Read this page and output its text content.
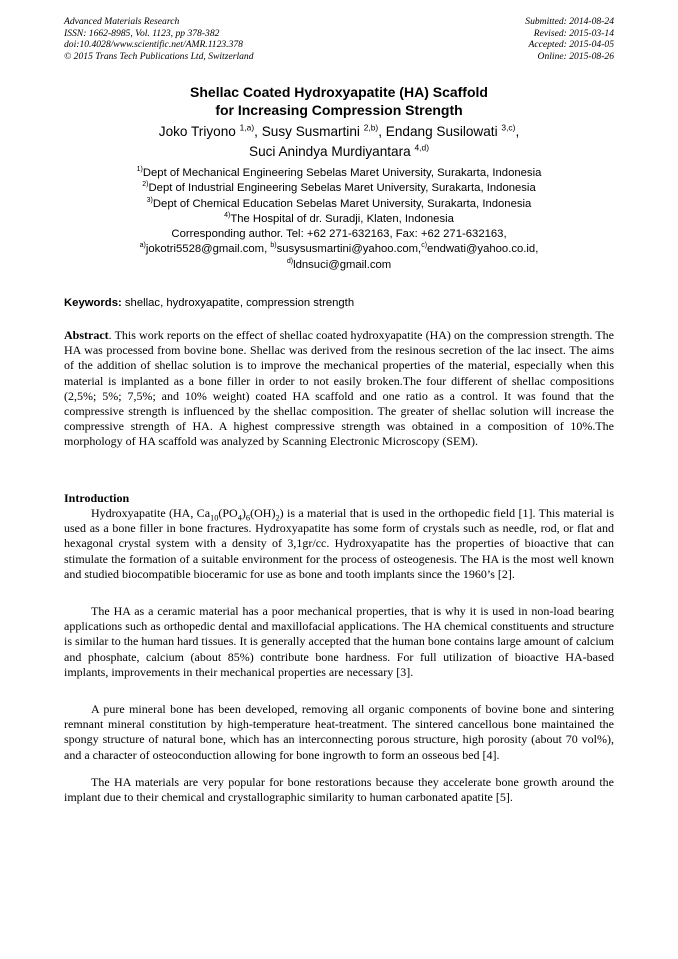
Advanced Materials Research
ISSN: 1662-8985, Vol. 1123, pp 378-382
doi:10.4028/www.scientific.net/AMR.1123.378
© 2015 Trans Tech Publications Ltd, Switzerland
Submitted: 2014-08-24
Revised: 2015-03-14
Accepted: 2015-04-05
Online: 2015-08-26
Shellac Coated Hydroxyapatite (HA) Scaffold
for Increasing Compression Strength
Joko Triyono $^{1,a)}$, Susy Susmartini $^{2,b)}$, Endang Susilowati $^{3,c)}$,
Suci Anindya Murdiyantara $^{4,d)}$
$^{1)}$Dept of Mechanical Engineering Sebelas Maret University, Surakarta, Indonesia
$^{2)}$Dept of Industrial Engineering Sebelas Maret University, Surakarta, Indonesia
$^{3)}$Dept of Chemical Education Sebelas Maret University, Surakarta, Indonesia
$^{4)}$The Hospital of dr. Suradji, Klaten, Indonesia
Corresponding author. Tel: +62 271-632163, Fax: +62 271-632163,
$^{a)}$jokotri5528@gmail.com, $^{b)}$susysusmartini@yahoo.com,$^{c)}$endwati@yahoo.co.id,
$^{d)}$ldnsuci@gmail.com
Keywords: shellac, hydroxyapatite, compression strength
Abstract. This work reports on the effect of shellac coated hydroxyapatite (HA) on the compression strength. The HA was processed from bovine bone. Shellac was derived from the resinous secretion of the lac insect. The aims of the addition of shellac solution is to improve the mechanical properties of the material, especially when this material is implanted as a bone filler in order to not easily broken.The four different of shellac compositions (2,5%; 5%; 7,5%; and 10% weight) coated HA scaffold and one ratio as a control. It was found that the compressive strength is influenced by the shellac composition. The greater of shellac solution will increase the compressive strength of HA. A highest compressive strength was obtained in a composition of 10%.The morphology of HA scaffold was analyzed by Scanning Electronic Microscopy (SEM).
Introduction
Hydroxyapatite (HA, $Ca_{10}(PO_4)_6(OH)_2$) is a material that is used in the orthopedic field [1]. This material is used as a bone filler in bone fractures. Hydroxyapatite has some form of crystals such as needle, rod, or flat and hexagonal crystal system with a density of 3,1gr/cc. Hydroxyapatite has the properties of bioactive that can stimulate the formation of a suitable environment for the process of osteogenesis. The HA is the most well known and studied biocompatible bioceramic for use as bone and tooth implants since the 1960’s [2].
The HA as a ceramic material has a poor mechanical properties, that is why it is used in non-load bearing applications such as orthopedic dental and maxillofacial applications. The HA chemical constituents and structure is similar to the human hard tissues. It is generally accepted that the human bone contains large amount of calcium and phosphate, calcium (about 85%) contribute bone hardness. For full utilization of bioactive HA-based implants, improvements in their mechanical properties are necessary [3].
A pure mineral bone has been developed, removing all organic components of bovine bone and sintering remnant mineral constitution by high-temperature heat-treatment. The sintered cancellous bone maintained the spongy structure of natural bone, which has an interconnecting porous structure, high porosity (about 70 vol%), and a character of osteoconduction allowing for bone ingrowth to form an osseous bed [4].
The HA materials are very popular for bone restorations because they accelerate bone growth around the implant due to their chemical and crystallographic similarity to human carbonated apatite [5].
